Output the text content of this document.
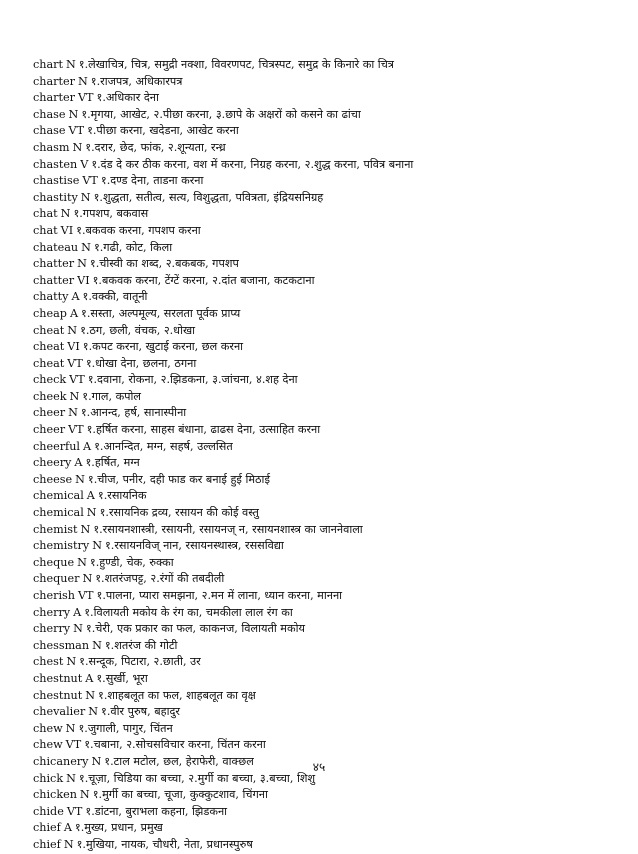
chart N १.लेखाचित्र, चित्र, समुद्री नक्शा, विवरणपट, चित्रस्पट, समुद्र के किनारे का चित्र
charter N १.राजपत्र, अधिकारपत्र
charter VT १.अधिकार देना
chase N १.मृगया, आखेट, २.पीछा करना, ३.छापे के अक्षरों को कसने का ढांचा
chase VT १.पीछा करना, खदेडना, आखेट करना
chasm N १.दरार, छेद, फांक, २.शून्यता, रन्ध्र
chasten V १.दंड दे कर ठीक करना, वश में करना, निग्रह करना, २.शुद्ध करना, पवित्र बनाना
chastise VT १.दण्ड देना, ताडना करना
chastity N १.शुद्धता, सतीत्व, सत्य, विशुद्धता, पवित्रता, इंद्रियसनिग्रह
chat N १.गपशप, बकवास
chat VI १.बकवक करना, गपशप करना
chateau N १.गढी, कोट, किला
chatter N १.चीस्वी का शब्द, २.बकबक, गपशप
chatter VI १.बकवक करना, टेंग्टें करना, २.दांत बजाना, कटकटाना
chatty A १.वक्की, वातूनी
cheap A १.सस्ता, अल्पमूल्य, सरलता पूर्वक प्राप्य
cheat N १.ठग, छली, वंचक, २.धोखा
cheat VI १.कपट करना, खुटाई करना, छल करना
cheat VT १.धोखा देना, छलना, ठगना
check VT १.दवाना, रोकना, २.झिडकना, ३.जांचना, ४.शह देना
cheek N १.गाल, कपोल
cheer N १.आनन्द, हर्ष, सानास्पीना
cheer VT १.हर्षित करना, साहस बंधाना, ढाढस देना, उत्साहित करना
cheerful A १.आनन्दित, मग्न, सहर्ष, उल्लसित
cheery A १.हर्षित, मग्न
cheese N १.चीज, पनीर, दही फाड कर बनाई हुई मिठाई
chemical A १.रसायनिक
chemical N १.रसायनिक द्रव्य, रसायन की कोई वस्तु
chemist N १.रसायनशास्त्री, रसायनी, रसायनज् न, रसायनशास्त्र का जाननेवाला
chemistry N १.रसायनविज् नान, रसायनस्थास्त्र, रससविद्या
cheque N १.हुण्डी, चेक, रुक्का
chequer N १.शतरंजपट्ट, २.रंगों की तबदीली
cherish VT १.पालना, प्यारा समझना, २.मन में लाना, ध्यान करना, मानना
cherry A १.विलायती मकोय के रंग का, चमकीला लाल रंग का
cherry N १.चेरी, एक प्रकार का फल, काकनज, विलायती मकोय
chessman N १.शतरंज की गोटी
chest N १.सन्दूक, पिटारा, २.छाती, उर
chestnut A १.सुर्खी, भूरा
chestnut N १.शाहबलूत का फल, शाहबलूत का वृक्ष
chevalier N १.वीर पुरुष, बहादुर
chew N १.जुगाली, पागुर, चिंतन
chew VT १.चबाना, २.सोचसविचार करना, चिंतन करना
chicanery N १.टाल मटोल, छल, हेराफेरी, वाक्छल
chick N १.चूज़ा, चिडिया का बच्चा, २.मुर्गी का बच्चा, ३.बच्चा, शिशु
chicken N १.मुर्गी का बच्चा, चूजा, कुक्कुटशाव, चिंगना
chide VT १.डांटना, बुराभला कहना, झिडकना
chief A १.मुख्य, प्रधान, प्रमुख
chief N १.मुखिया, नायक, चौधरी, नेता, प्रधानस्पुरुष
४५
